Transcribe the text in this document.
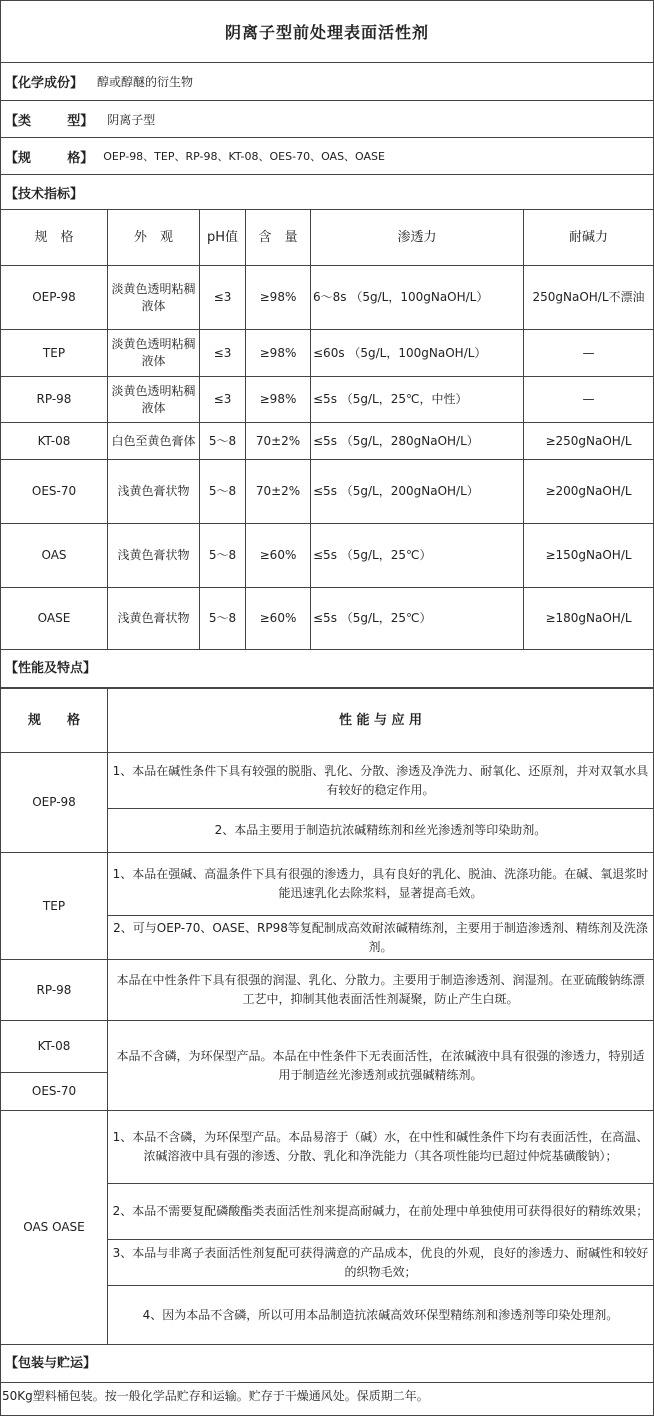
阴离子型前处理表面活性剂
【化学成份】 醇或醇醚的衍生物
【类        型】 阴离子型
【规        格】 OEP-98、TEP、RP-98、KT-08、OES-70、OAS、OASE
【技术指标】
规　格	外　观	pH值	含　量	渗透力	耐碱力
OEP-98	淡黄色透明粘稠液体	≤3	≥98%	6～8s （5g/L，100gNaOH/L）	250gNaOH/L不漂油
TEP	淡黄色透明粘稠液体	≤3	≥98%	≤60s （5g/L，100gNaOH/L）	—
RP-98	淡黄色透明粘稠液体	≤3	≥98%	≤5s （5g/L，25℃，中性）	—
KT-08	白色至黄色膏体	5～8	70±2%	≤5s （5g/L，280gNaOH/L）	≥250gNaOH/L
OES-70	浅黄色膏状物	5～8	70±2%	≤5s （5g/L，200gNaOH/L）	≥200gNaOH/L
OAS	浅黄色膏状物	5～8	≥60%	≤5s （5g/L，25℃）	≥150gNaOH/L
OASE	浅黄色膏状物	5～8	≥60%	≤5s （5g/L，25℃）	≥180gNaOH/L
【性能及特点】					
规　　格	性 能 与 应 用
OEP-98	1、本品在碱性条件下具有较强的脱脂、乳化、分散、渗透及净洗力、耐氧化、还原剂，并对双氧水具有较好的稳定作用。
	2、本品主要用于制造抗浓碱精练剂和丝光渗透剂等印染助剂。
TEP	1、本品在强碱、高温条件下具有很强的渗透力，具有良好的乳化、脱油、洗涤功能。在碱、氧退浆时能迅速乳化去除浆料，显著提高毛效。
	2、可与OEP-70、OASE、RP98等复配制成高效耐浓碱精练剂，主要用于制造渗透剂、精练剂及洗涤剂。
RP-98	本品在中性条件下具有很强的润湿、乳化、分散力。主要用于制造渗透剂、润湿剂。在亚硫酸钠练漂工艺中，抑制其他表面活性剂凝聚，防止产生白斑。
KT-08	本品不含磷，为环保型产品。本品在中性条件下无表面活性，在浓碱液中具有很强的渗透力，特别适用于制造丝光渗透剂或抗强碱精练剂。
OES-70	
OAS OASE	1、本品不含磷，为环保型产品。本品易溶于（碱）水，在中性和碱性条件下均有表面活性，在高温、浓碱溶液中具有强的渗透、分散、乳化和净洗能力（其各项性能均已超过仲烷基磺酸钠）；
	2、本品不需要复配磷酸酯类表面活性剂来提高耐碱力，在前处理中单独使用可获得很好的精练效果；
	3、本品与非离子表面活性剂复配可获得满意的产品成本，优良的外观，良好的渗透力、耐碱性和较好的织物毛效；
	4、因为本品不含磷，所以可用本品制造抗浓碱高效环保型精练剂和渗透剂等印染处理剂。
【包装与贮运】	
50Kg塑料桶包装。按一般化学品贮存和运输。贮存于干燥通风处。保质期二年。
